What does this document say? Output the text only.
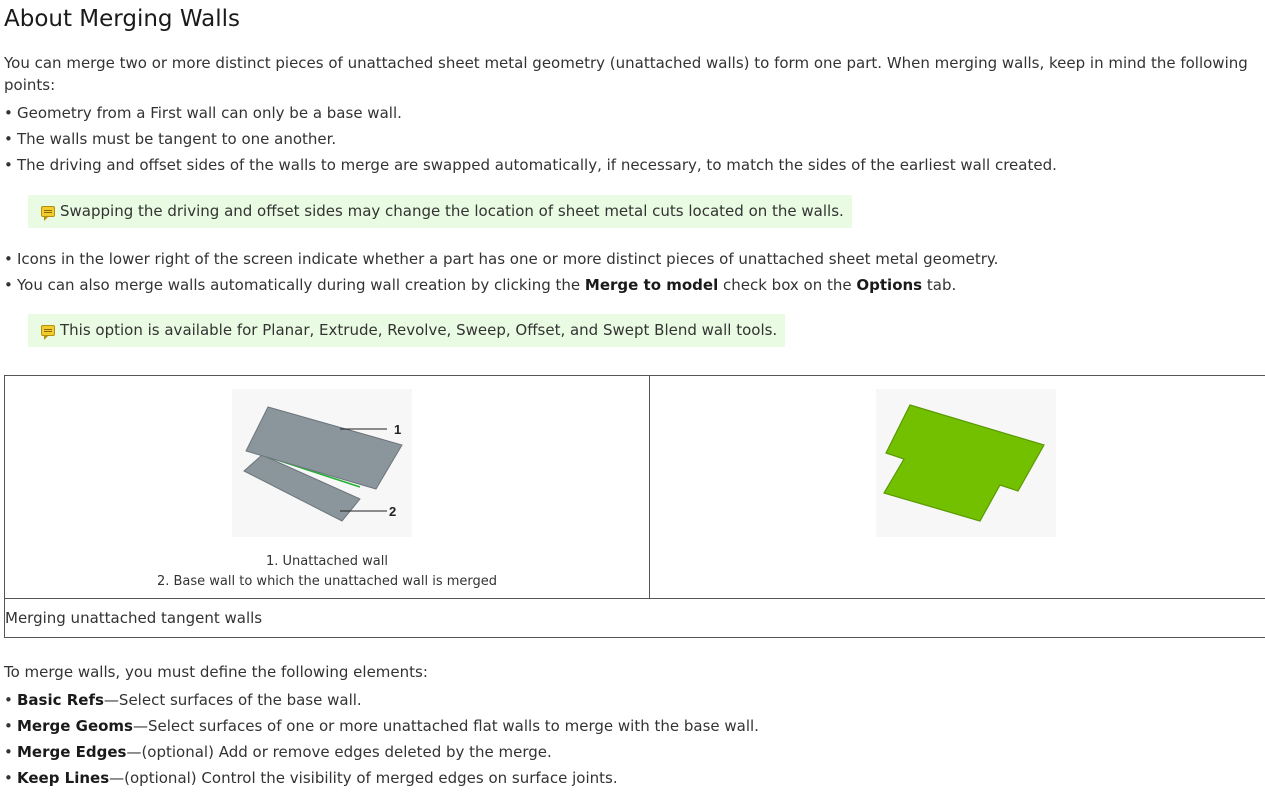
About Merging Walls

You can merge two or more distinct pieces of unattached sheet metal geometry (unattached walls) to form one part. When merging walls, keep in mind the following points:

• Geometry from a First wall can only be a base wall.
• The walls must be tangent to one another.
• The driving and offset sides of the walls to merge are swapped automatically, if necessary, to match the sides of the earliest wall created.
Swapping the driving and offset sides may change the location of sheet metal cuts located on the walls.
• Icons in the lower right of the screen indicate whether a part has one or more distinct pieces of unattached sheet metal geometry.
• You can also merge walls automatically during wall creation by clicking the Merge to model check box on the Options tab.
This option is available for Planar, Extrude, Revolve, Sweep, Offset, and Swept Blend wall tools.
1
2
1. Unattached wall
2. Base wall to which the unattached wall is merged

Merging unattached tangent walls

To merge walls, you must define the following elements:

• Basic Refs—Select surfaces of the base wall.
• Merge Geoms—Select surfaces of one or more unattached flat walls to merge with the base wall.
• Merge Edges—(optional) Add or remove edges deleted by the merge.
• Keep Lines—(optional) Control the visibility of merged edges on surface joints.
